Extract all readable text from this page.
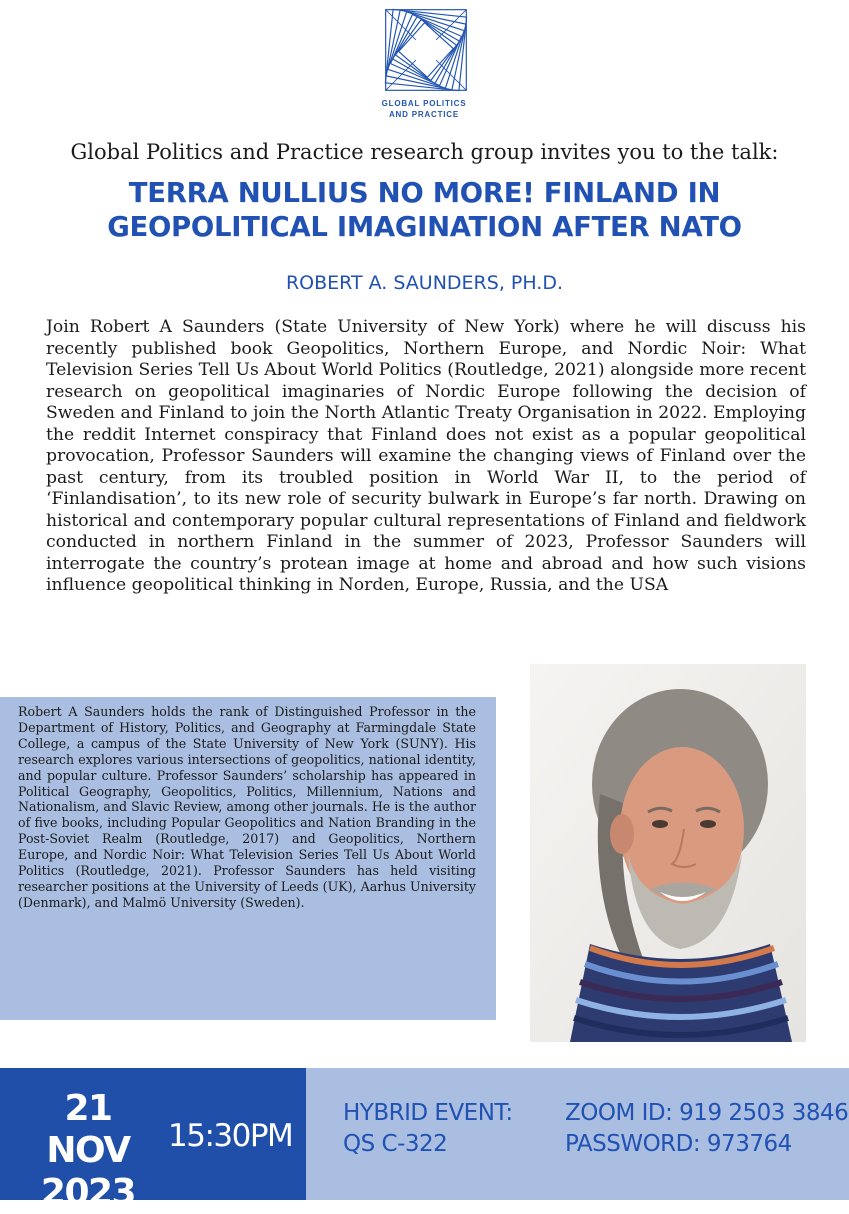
GLOBAL POLITICS
AND PRACTICE
Global Politics and Practice research group invites you to the talk:
TERRA NULLIUS NO MORE! FINLAND IN
GEOPOLITICAL IMAGINATION AFTER NATO
ROBERT A. SAUNDERS, PH.D.

Join Robert A Saunders (State University of New York) where he will discuss his recently published book Geopolitics, Northern Europe, and Nordic Noir: What Television Series Tell Us About World Politics (Routledge, 2021) alongside more recent research on geopolitical imaginaries of Nordic Europe following the decision of Sweden and Finland to join the North Atlantic Treaty Organisation in 2022. Employing the reddit Internet conspiracy that Finland does not exist as a popular geopolitical provocation, Professor Saunders will examine the changing views of Finland over the past century, from its troubled position in World War II, to the period of ‘Finlandisation’, to its new role of security bulwark in Europe’s far north. Drawing on historical and contemporary popular cultural representations of Finland and fieldwork conducted in northern Finland in the summer of 2023, Professor Saunders will interrogate the country’s protean image at home and abroad and how such visions influence geopolitical thinking in Norden, Europe, Russia, and the USA

Robert A Saunders holds the rank of Distinguished Professor in the Department of History, Politics, and Geography at Farmingdale State College, a campus of the State University of New York (SUNY). His research explores various intersections of geopolitics, national identity, and popular culture. Professor Saunders’ scholarship has appeared in Political Geography, Geopolitics, Politics, Millennium, Nations and Nationalism, and Slavic Review, among other journals. He is the author of five books, including Popular Geopolitics and Nation Branding in the Post-Soviet Realm (Routledge, 2017) and Geopolitics, Northern Europe, and Nordic Noir: What Television Series Tell Us About World Politics (Routledge, 2021). Professor Saunders has held visiting researcher positions at the University of Leeds (UK), Aarhus University (Denmark), and Malmö University (Sweden).

21 NOV
2023
15:30PM
HYBRID EVENT:
QS C-322
ZOOM ID: 919 2503 3846
PASSWORD: 973764
